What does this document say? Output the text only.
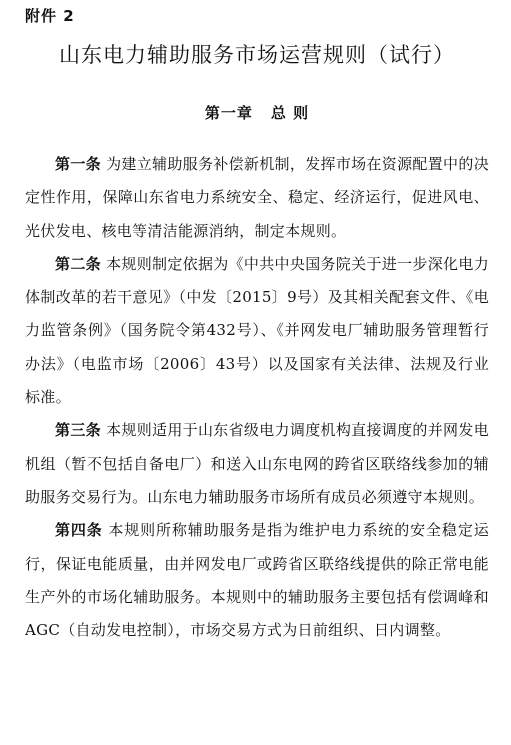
附件 2

山东电力辅助服务市场运营规则（试行）
第一章 总 则

第一条 为建立辅助服务补偿新机制，发挥市场在资源配置中的决定性作用，保障山东省电力系统安全、稳定、经济运行，促进风电、光伏发电、核电等清洁能源消纳，制定本规则。

第二条 本规则制定依据为《中共中央国务院关于进一步深化电力体制改革的若干意见》（中发〔2015〕9号）及其相关配套文件、《电力监管条例》（国务院令第432号）、《并网发电厂辅助服务管理暂行办法》（电监市场〔2006〕43号）以及国家有关法律、法规及行业标准。

第三条 本规则适用于山东省级电力调度机构直接调度的并网发电机组（暂不包括自备电厂）和送入山东电网的跨省区联络线参加的辅助服务交易行为。山东电力辅助服务市场所有成员必须遵守本规则。

第四条 本规则所称辅助服务是指为维护电力系统的安全稳定运行，保证电能质量，由并网发电厂或跨省区联络线提供的除正常电能生产外的市场化辅助服务。本规则中的辅助服务主要包括有偿调峰和AGC（自动发电控制），市场交易方式为日前组织、日内调整。
